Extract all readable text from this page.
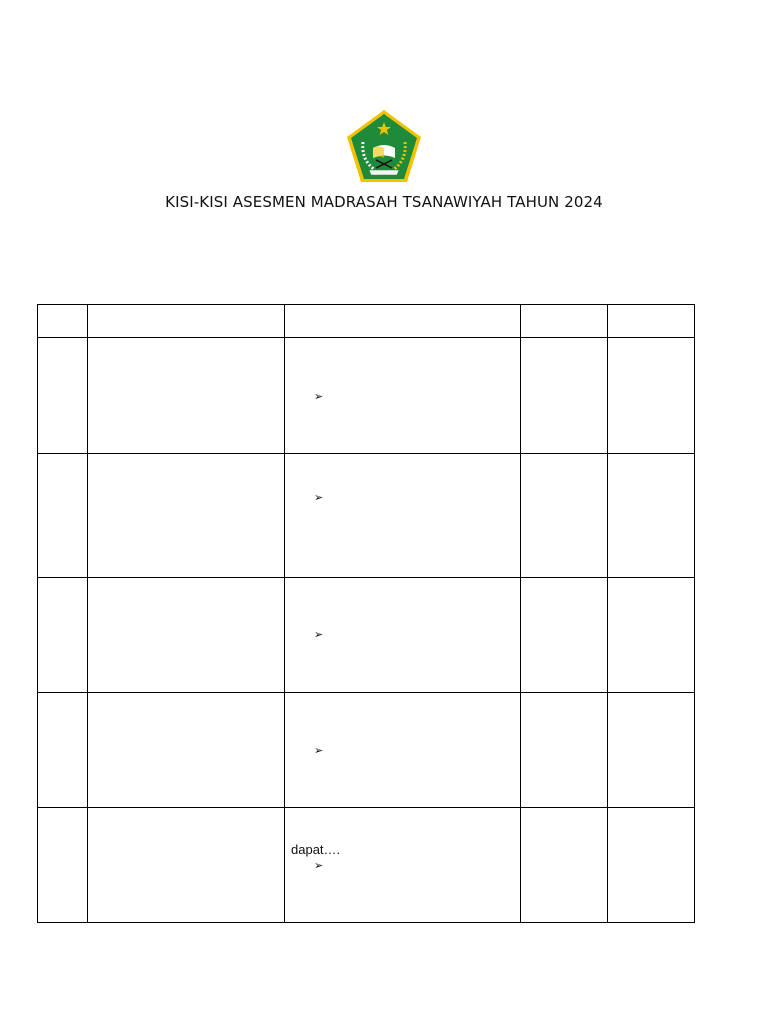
KISI-KISI ASESMEN MADRASAH TSANAWIYAH TAHUN 2024
➢
➢
➢
➢
dapat….
➢
